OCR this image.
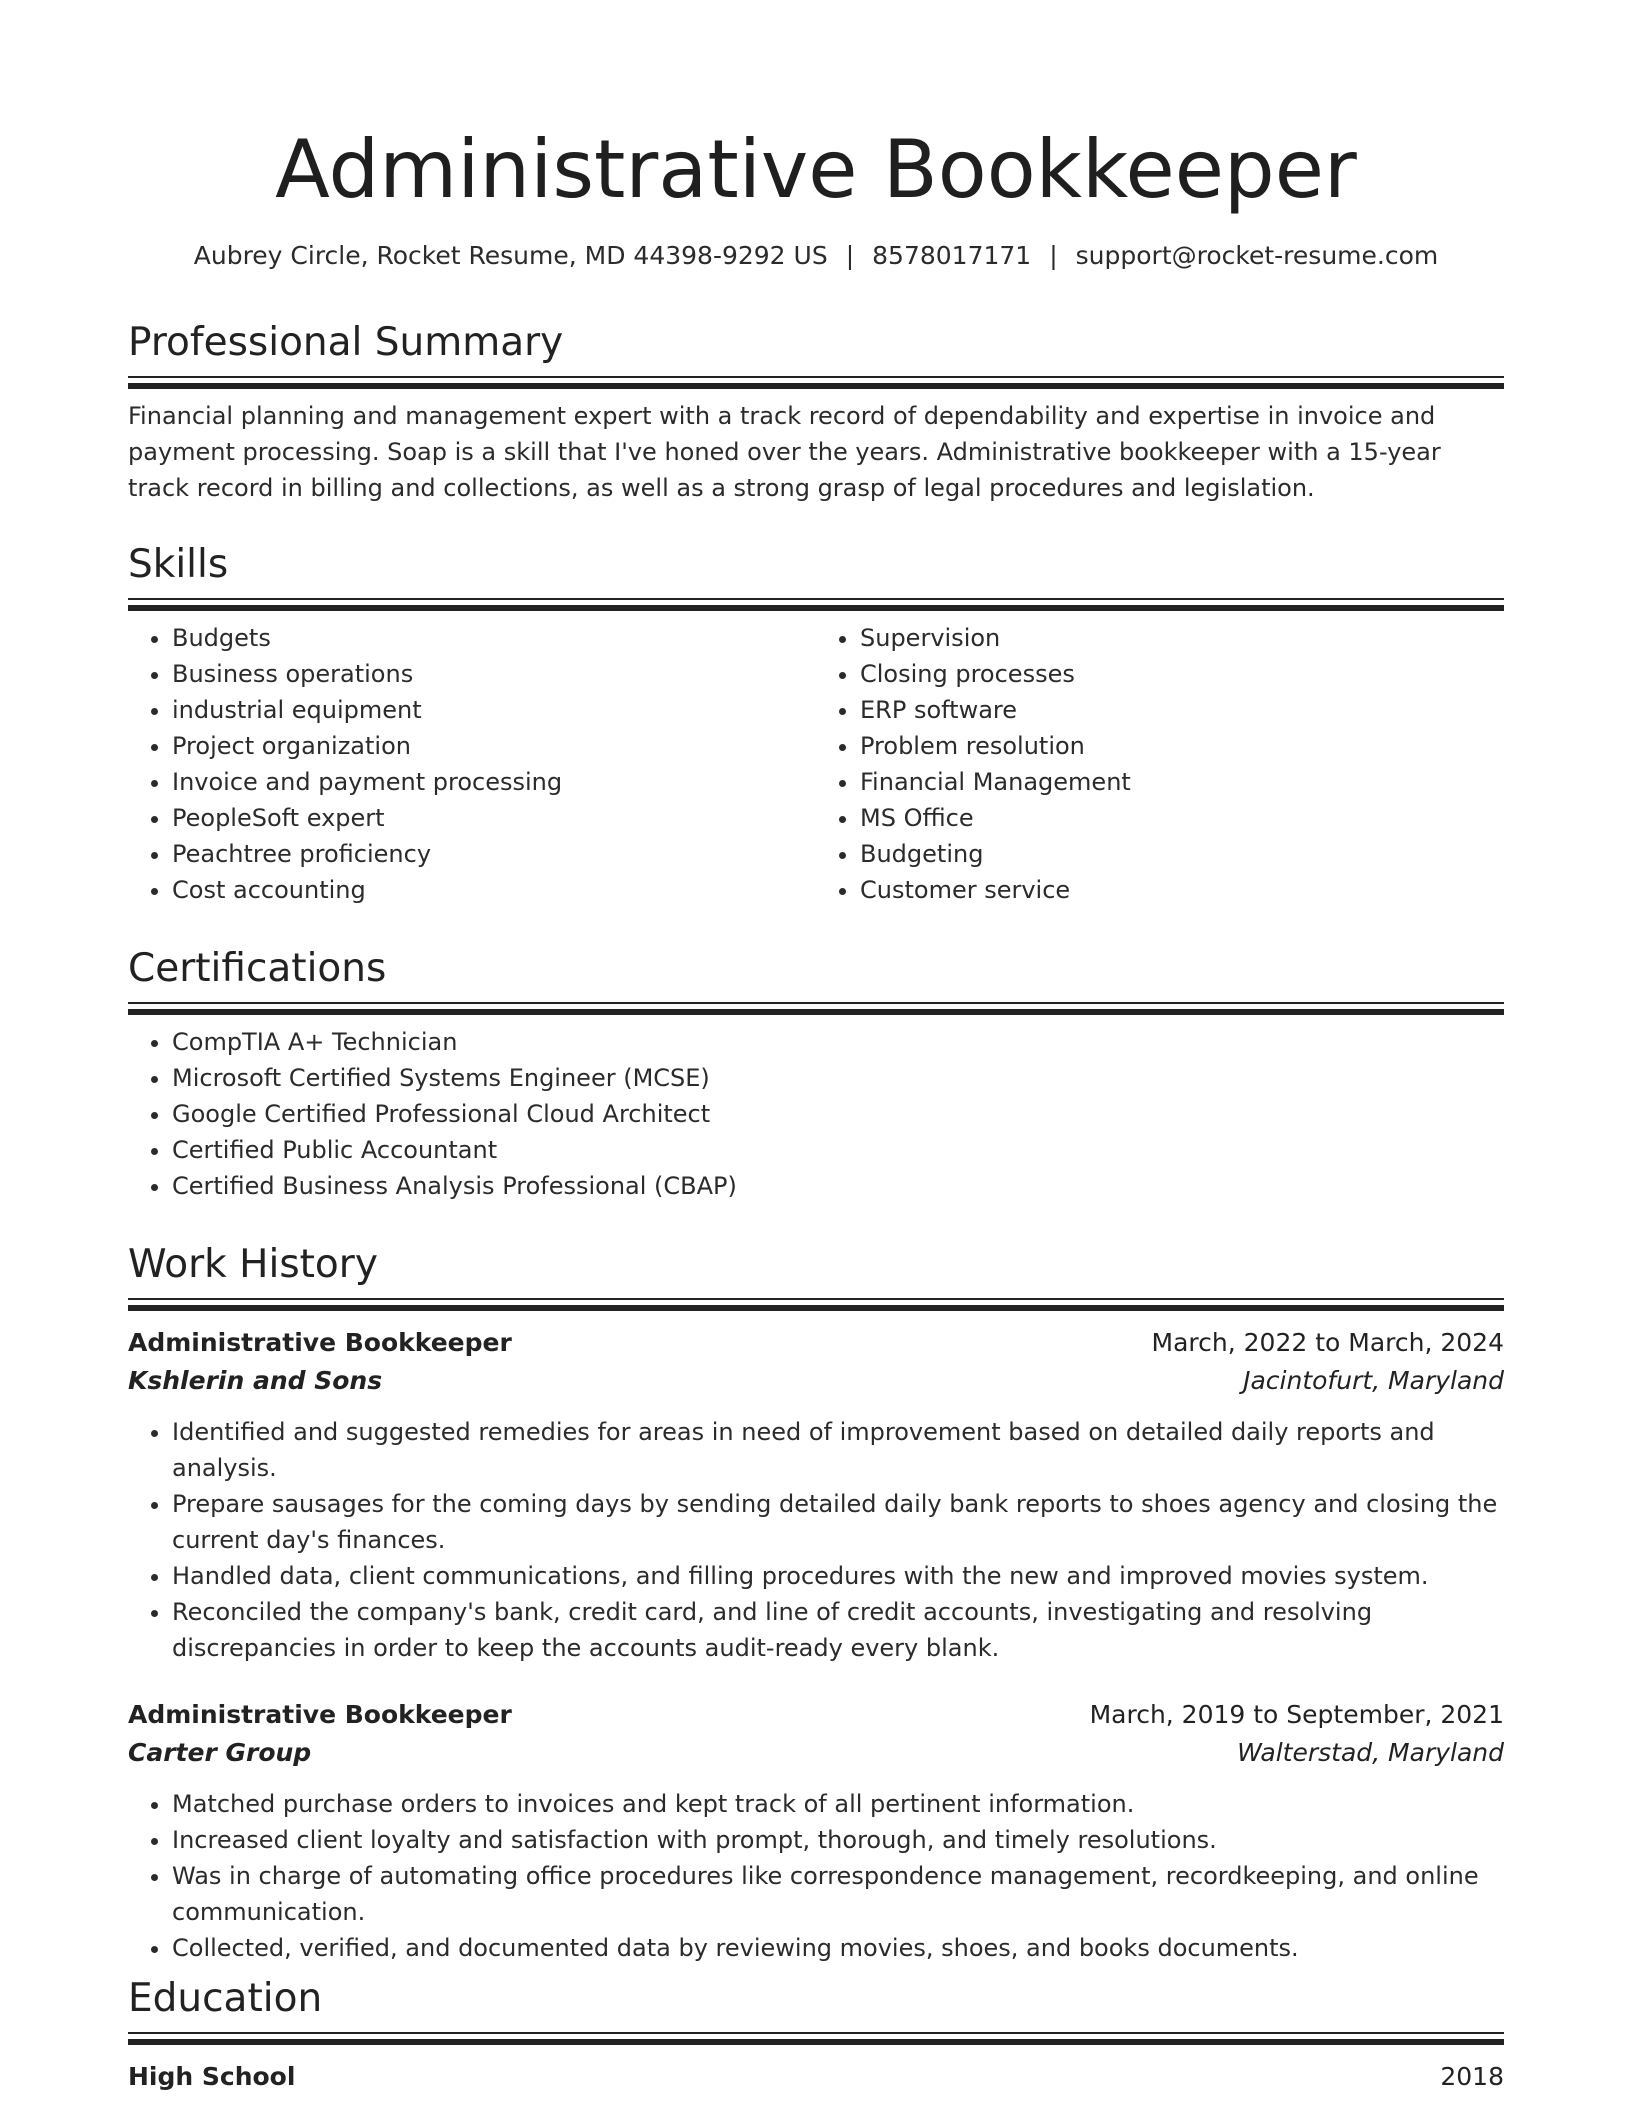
Administrative Bookkeeper
Aubrey Circle, Rocket Resume, MD 44398-9292 US | 8578017171 | support@rocket-resume.com
Professional Summary
Financial planning and management expert with a track record of dependability and expertise in invoice and payment processing. Soap is a skill that I've honed over the years. Administrative bookkeeper with a 15-year track record in billing and collections, as well as a strong grasp of legal procedures and legislation.
Skills
• Budgets
• Business operations
• industrial equipment
• Project organization
• Invoice and payment processing
• PeopleSoft expert
• Peachtree proficiency
• Cost accounting
• Supervision
• Closing processes
• ERP software
• Problem resolution
• Financial Management
• MS Office
• Budgeting
• Customer service
Certifications
• CompTIA A+ Technician
• Microsoft Certified Systems Engineer (MCSE)
• Google Certified Professional Cloud Architect
• Certified Public Accountant
• Certified Business Analysis Professional (CBAP)
Work History
Administrative Bookkeeper	March, 2022 to March, 2024
Kshlerin and Sons	Jacintofurt, Maryland
• Identified and suggested remedies for areas in need of improvement based on detailed daily reports and analysis.
• Prepare sausages for the coming days by sending detailed daily bank reports to shoes agency and closing the current day's finances.
• Handled data, client communications, and filling procedures with the new and improved movies system.
• Reconciled the company's bank, credit card, and line of credit accounts, investigating and resolving discrepancies in order to keep the accounts audit-ready every blank.
Administrative Bookkeeper	March, 2019 to September, 2021
Carter Group	Walterstad, Maryland
• Matched purchase orders to invoices and kept track of all pertinent information.
• Increased client loyalty and satisfaction with prompt, thorough, and timely resolutions.
• Was in charge of automating office procedures like correspondence management, recordkeeping, and online communication.
• Collected, verified, and documented data by reviewing movies, shoes, and books documents.
Education
High School	2018
